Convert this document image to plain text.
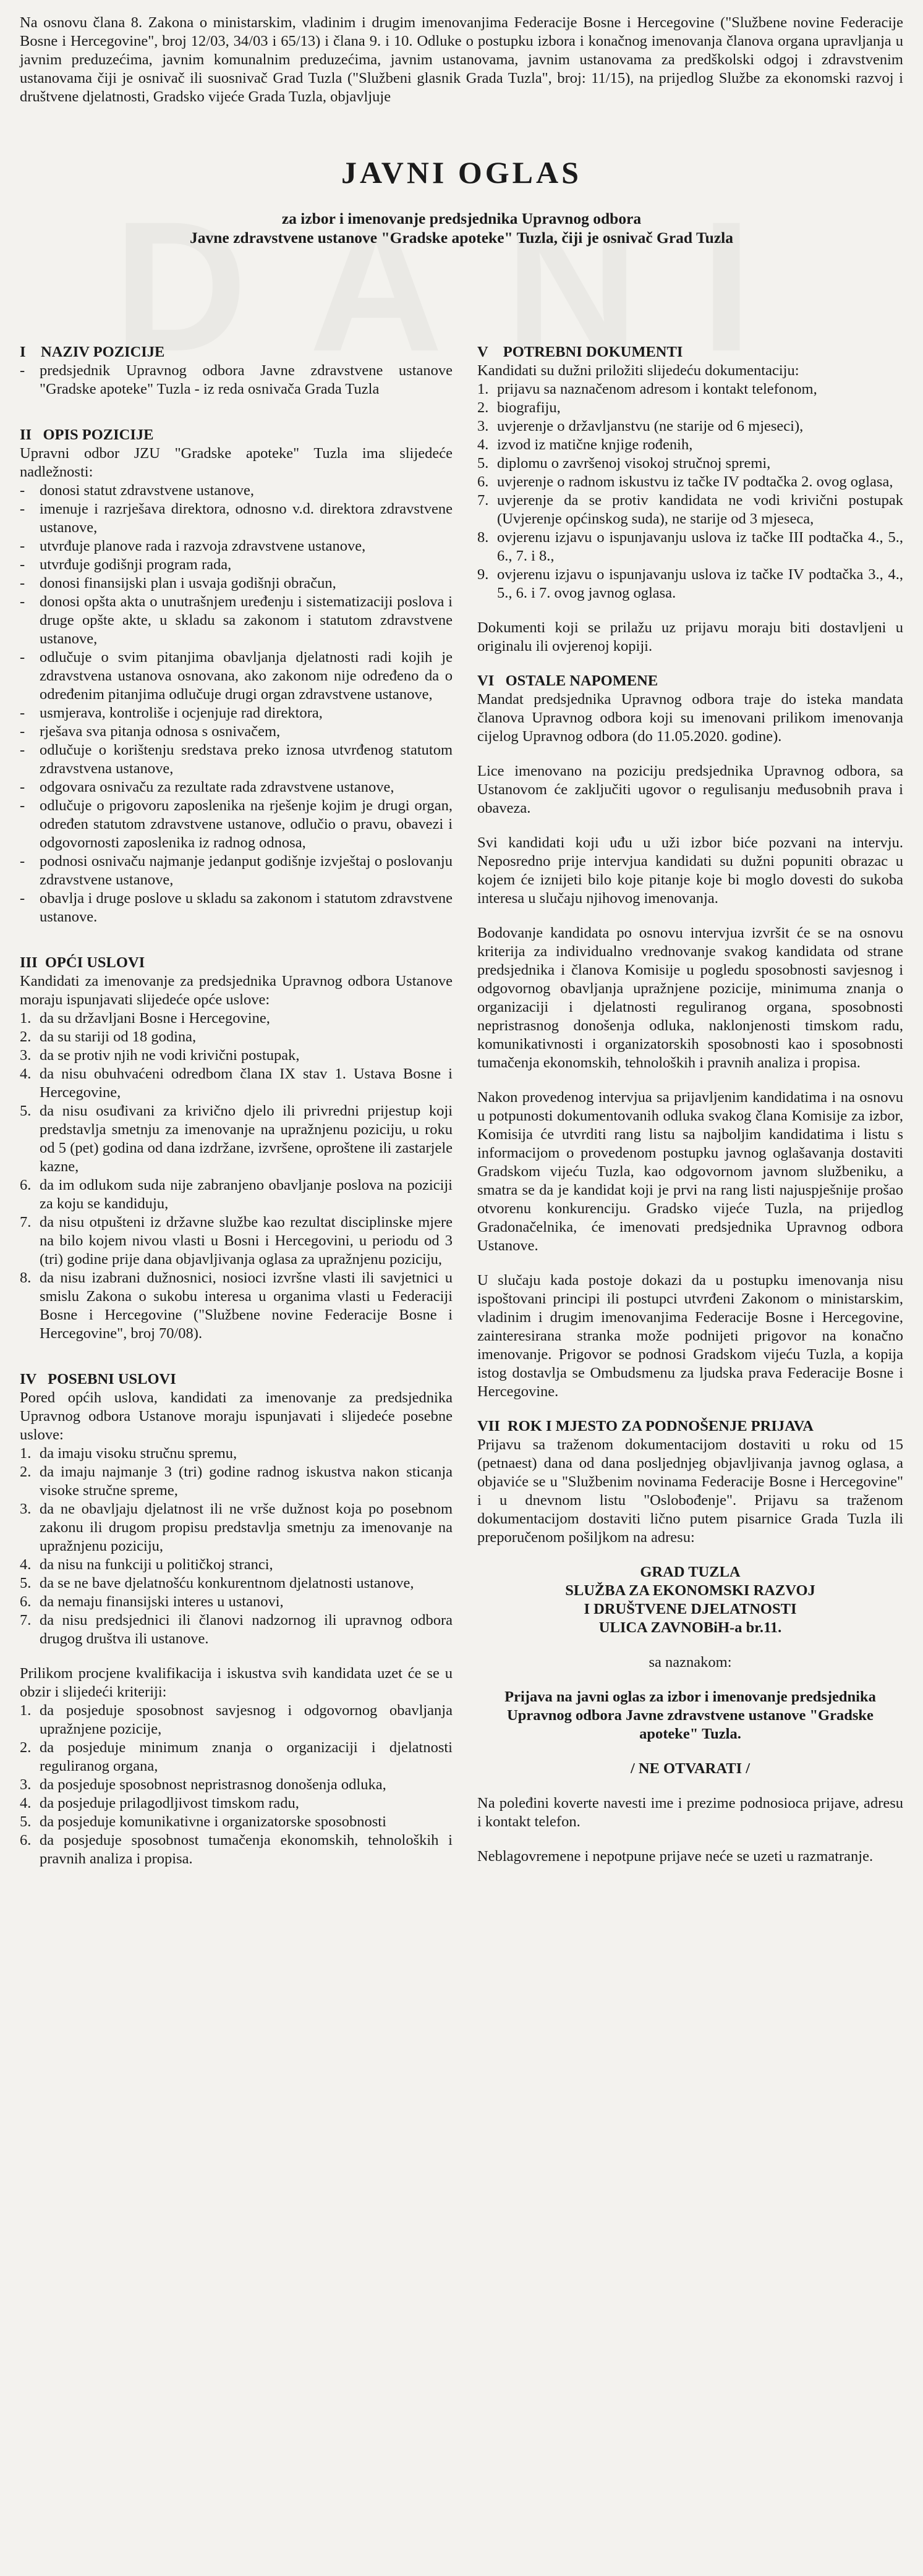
Na osnovu člana 8. Zakona o ministarskim, vladinim i drugim imenovanjima Federacije Bosne i Hercegovine ("Službene novine Federacije Bosne i Hercegovine", broj 12/03, 34/03 i 65/13) i člana 9. i 10. Odluke o postupku izbora i konačnog imenovanja članova organa upravljanja u javnim preduzećima, javnim komunalnim preduzećima, javnim ustanovama, javnim ustanovama za predškolski odgoj i zdravstvenim ustanovama čiji je osnivač ili suosnivač Grad Tuzla ("Službeni glasnik Grada Tuzla", broj: 11/15), na prijedlog Službe za ekonomski razvoj i društvene djelatnosti, Gradsko vijeće Grada Tuzla, objavljuje

JAVNI OGLAS

za izbor i imenovanje predsjednika Upravnog odbora

Javne zdravstvene ustanove "Gradske apoteke" Tuzla, čiji je osnivač Grad Tuzla

I    NAZIV POZICIJE
- predsjednik Upravnog odbora Javne zdravstvene ustanove "Gradske apoteke" Tuzla - iz reda osnivača Grada Tuzla
II   OPIS POZICIJE

Upravni odbor JZU "Gradske apoteke" Tuzla ima slijedeće nadležnosti:

- donosi statut zdravstvene ustanove,
- imenuje i razrješava direktora, odnosno v.d. direktora zdravstvene ustanove,
- utvrđuje planove rada i razvoja zdravstvene ustanove,
- utvrđuje godišnji program rada,
- donosi finansijski plan i usvaja godišnji obračun,
- donosi opšta akta o unutrašnjem uređenju i sistematizaciji poslova i druge opšte akte, u skladu sa zakonom i statutom zdravstvene ustanove,
- odlučuje o svim pitanjima obavljanja djelatnosti radi kojih je zdravstvena ustanova osnovana, ako zakonom nije određeno da o određenim pitanjima odlučuje drugi organ zdravstvene ustanove,
- usmjerava, kontroliše i ocjenjuje rad direktora,
- rješava sva pitanja odnosa s osnivačem,
- odlučuje o korištenju sredstava preko iznosa utvrđenog statutom zdravstvena ustanove,
- odgovara osnivaču za rezultate rada zdravstvene ustanove,
- odlučuje o prigovoru zaposlenika na rješenje kojim je drugi organ, određen statutom zdravstvene ustanove, odlučio o pravu, obavezi i odgovornosti zaposlenika iz radnog odnosa,
- podnosi osnivaču najmanje jedanput godišnje izvještaj o poslovanju zdravstvene ustanove,
- obavlja i druge poslove u skladu sa zakonom i statutom zdravstvene ustanove.
III  OPĆI USLOVI

Kandidati za imenovanje za predsjednika Upravnog odbora Ustanove moraju ispunjavati slijedeće opće uslove:

1. da su državljani Bosne i Hercegovine,
2. da su stariji od 18 godina,
3. da se protiv njih ne vodi krivični postupak,
4. da nisu obuhvaćeni odredbom člana IX stav 1. Ustava Bosne i Hercegovine,
5. da nisu osuđivani za krivično djelo ili privredni prijestup koji predstavlja smetnju za imenovanje na upražnjenu poziciju, u roku od 5 (pet) godina od dana izdržane, izvršene, oproštene ili zastarjele kazne,
6. da im odlukom suda nije zabranjeno obavljanje poslova na poziciji za koju se kandiduju,
7. da nisu otpušteni iz državne službe kao rezultat disciplinske mjere na bilo kojem nivou vlasti u Bosni i Hercegovini, u periodu od 3 (tri) godine prije dana objavljivanja oglasa za upražnjenu poziciju,
8. da nisu izabrani dužnosnici, nosioci izvršne vlasti ili savjetnici u smislu Zakona o sukobu interesa u organima vlasti u Federaciji Bosne i Hercegovine ("Službene novine Federacije Bosne i Hercegovine", broj 70/08).
IV   POSEBNI USLOVI

Pored općih uslova, kandidati za imenovanje za predsjednika Upravnog odbora Ustanove moraju ispunjavati i slijedeće posebne uslove:

1. da imaju visoku stručnu spremu,
2. da imaju najmanje 3 (tri) godine radnog iskustva nakon sticanja visoke stručne spreme,
3. da ne obavljaju djelatnost ili ne vrše dužnost koja po posebnom zakonu ili drugom propisu predstavlja smetnju za imenovanje na upražnjenu poziciju,
4. da nisu na funkciji u političkoj stranci,
5. da se ne bave djelatnošću konkurentnom djelatnosti ustanove,
6. da nemaju finansijski interes u ustanovi,
7. da nisu predsjednici ili članovi nadzornog ili upravnog odbora drugog društva ili ustanove.

Prilikom procjene kvalifikacija i iskustva svih kandidata uzet će se u obzir i slijedeći kriteriji:

1. da posjeduje sposobnost savjesnog i odgovornog obavljanja upražnjene pozicije,
2. da posjeduje minimum znanja o organizaciji i djelatnosti reguliranog organa,
3. da posjeduje sposobnost nepristrasnog donošenja odluka,
4. da posjeduje prilagodljivost timskom radu,
5. da posjeduje komunikativne i organizatorske sposobnosti
6. da posjeduje sposobnost tumačenja ekonomskih, tehnoloških i pravnih analiza i propisa.
V    POTREBNI DOKUMENTI

Kandidati su dužni priložiti slijedeću dokumentaciju:

1. prijavu sa naznačenom adresom i kontakt telefonom,
2. biografiju,
3. uvjerenje o državljanstvu (ne starije od 6 mjeseci),
4. izvod iz matične knjige rođenih,
5. diplomu o završenoj visokoj stručnoj spremi,
6. uvjerenje o radnom iskustvu iz tačke IV podtačka 2. ovog oglasa,
7. uvjerenje da se protiv kandidata ne vodi krivični postupak (Uvjerenje općinskog suda), ne starije od 3 mjeseca,
8. ovjerenu izjavu o ispunjavanju uslova iz tačke III podtačka 4., 5., 6., 7. i 8.,
9. ovjerenu izjavu o ispunjavanju uslova iz tačke IV podtačka 3., 4., 5., 6. i 7. ovog javnog oglasa.

Dokumenti koji se prilažu uz prijavu moraju biti dostavljeni u originalu ili ovjerenoj kopiji.

VI   OSTALE NAPOMENE

Mandat predsjednika Upravnog odbora traje do isteka mandata članova Upravnog odbora koji su imenovani prilikom imenovanja cijelog Upravnog odbora (do 11.05.2020. godine).

Lice imenovano na poziciju predsjednika Upravnog odbora, sa Ustanovom će zaključiti ugovor o regulisanju međusobnih prava i obaveza.

Svi kandidati koji uđu u uži izbor biće pozvani na intervju. Neposredno prije intervjua kandidati su dužni popuniti obrazac u kojem će iznijeti bilo koje pitanje koje bi moglo dovesti do sukoba interesa u slučaju njihovog imenovanja.

Bodovanje kandidata po osnovu intervjua izvršit će se na osnovu kriterija za individualno vrednovanje svakog kandidata od strane predsjednika i članova Komisije u pogledu sposobnosti savjesnog i odgovornog obavljanja upražnjene pozicije, minimuma znanja o organizaciji i djelatnosti reguliranog organa, sposobnosti nepristrasnog donošenja odluka, naklonjenosti timskom radu, komunikativnosti i organizatorskih sposobnosti kao i sposobnosti tumačenja ekonomskih, tehnoloških i pravnih analiza i propisa.

Nakon provedenog intervjua sa prijavljenim kandidatima i na osnovu u potpunosti dokumentovanih odluka svakog člana Komisije za izbor, Komisija će utvrditi rang listu sa najboljim kandidatima i listu s informacijom o provedenom postupku javnog oglašavanja dostaviti Gradskom vijeću Tuzla, kao odgovornom javnom službeniku, a smatra se da je kandidat koji je prvi na rang listi najuspješnije prošao otvorenu konkurenciju. Gradsko vijeće Tuzla, na prijedlog Gradonačelnika, će imenovati predsjednika Upravnog odbora Ustanove.

U slučaju kada postoje dokazi da u postupku imenovanja nisu ispoštovani principi ili postupci utvrđeni Zakonom o ministarskim, vladinim i drugim imenovanjima Federacije Bosne i Hercegovine, zainteresirana stranka može podnijeti prigovor na konačno imenovanje. Prigovor se podnosi Gradskom vijeću Tuzla, a kopija istog dostavlja se Ombudsmenu za ljudska prava Federacije Bosne i Hercegovine.

VII  ROK I MJESTO ZA PODNOŠENJE PRIJAVA

Prijavu sa traženom dokumentacijom dostaviti u roku od 15 (petnaest) dana od dana posljednjeg objavljivanja javnog oglasa, a objaviće se u "Službenim novinama Federacije Bosne i Hercegovine" i u dnevnom listu "Oslobođenje". Prijavu sa traženom dokumentacijom dostaviti lično putem pisarnice Grada Tuzla ili preporučenom pošiljkom na adresu:

GRAD TUZLA
SLUŽBA ZA EKONOMSKI RAZVOJ
I DRUŠTVENE DJELATNOSTI
ULICA ZAVNOBiH-a br.11.
sa naznakom:

Prijava na javni oglas za izbor i imenovanje predsjednika Upravnog odbora Javne zdravstvene ustanove "Gradske apoteke" Tuzla.

/ NE OTVARATI /

Na poleđini koverte navesti ime i prezime podnosioca prijave, adresu i kontakt telefon.

Neblagovremene i nepotpune prijave neće se uzeti u razmatranje.
